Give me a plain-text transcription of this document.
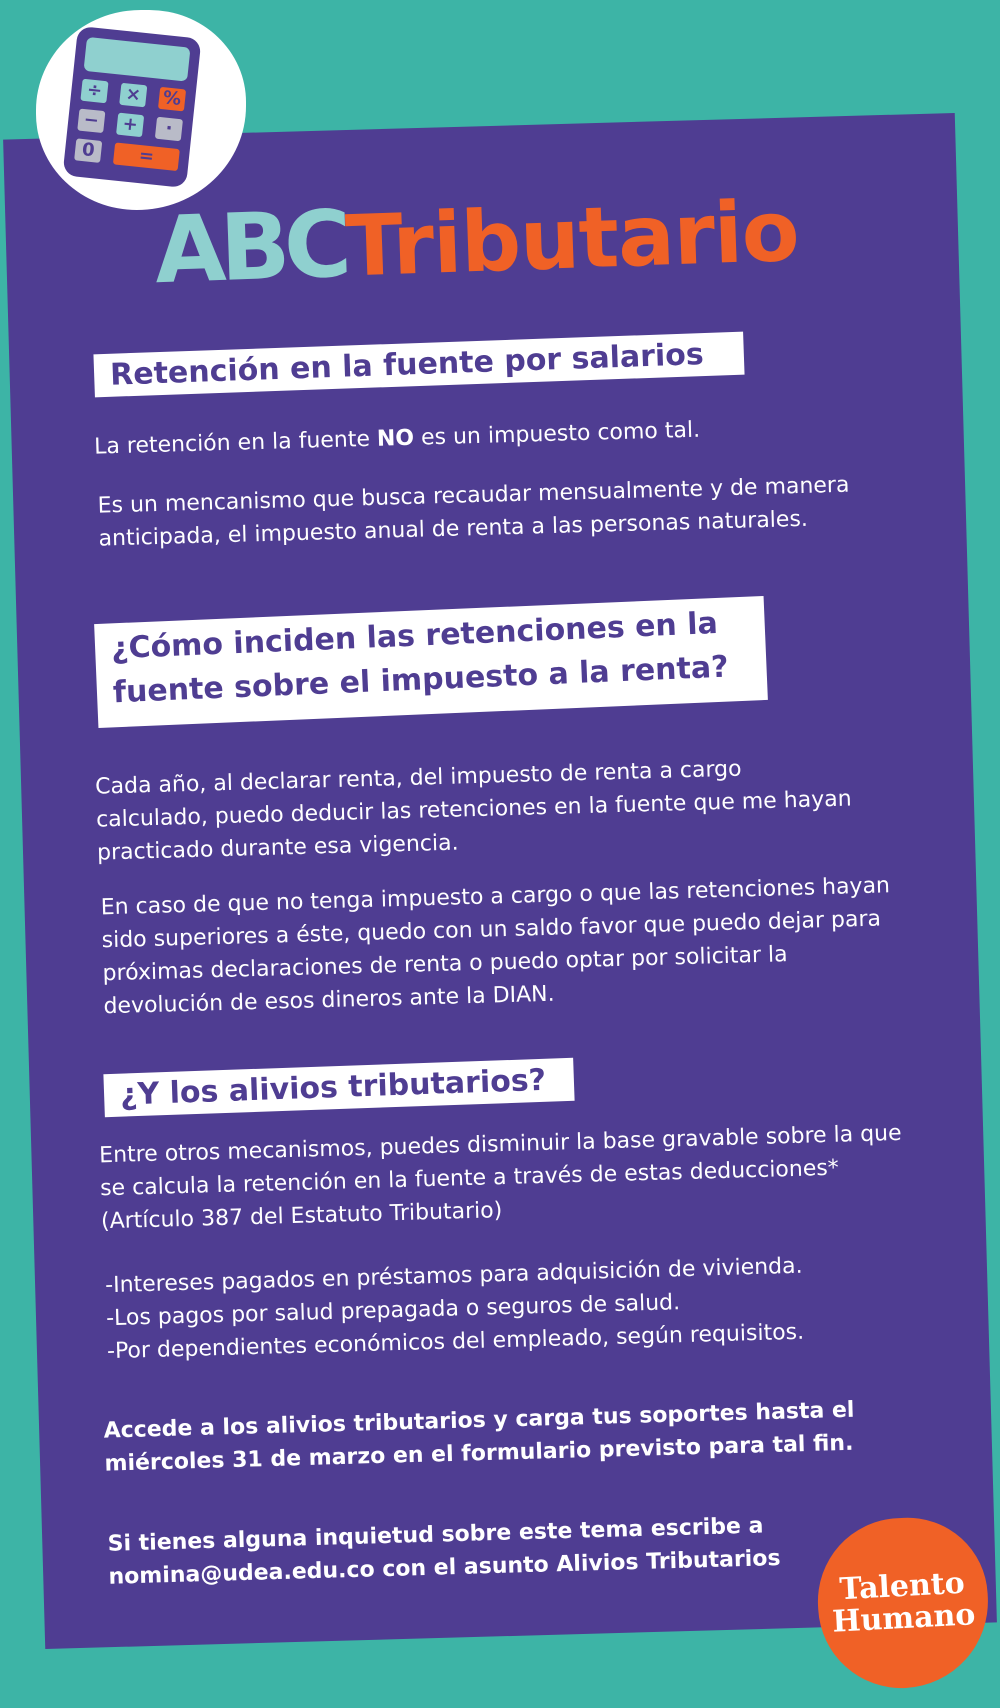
÷	×	%
−	+	·
0	=
ABCTributario
Retención en la fuente por salarios
La retención en la fuente NO es un impuesto como tal.
Es un mencanismo que busca recaudar mensualmente y de manera anticipada, el impuesto anual de renta a las personas naturales.
¿Cómo inciden las retenciones en la
fuente sobre el impuesto a la renta?
Cada año, al declarar renta, del impuesto de renta a cargo calculado, puedo deducir las retenciones en la fuente que me hayan practicado durante esa vigencia.
En caso de que no tenga impuesto a cargo o que las retenciones hayan sido superiores a éste, quedo con un saldo favor que puedo dejar para próximas declaraciones de renta o puedo optar por solicitar la devolución de esos dineros ante la DIAN.
¿Y los alivios tributarios?
Entre otros mecanismos, puedes disminuir la base gravable sobre la que se calcula la retención en la fuente a través de estas deducciones* (Artículo 387 del Estatuto Tributario)
-Intereses pagados en préstamos para adquisición de vivienda.
-Los pagos por salud prepagada o seguros de salud.
-Por dependientes económicos del empleado, según requisitos.
Accede a los alivios tributarios y carga tus soportes hasta el miércoles 31 de marzo en el formulario previsto para tal fin.
Si tienes alguna inquietud sobre este tema escribe a nomina@udea.edu.co con el asunto Alivios Tributarios	Talento
Humano
